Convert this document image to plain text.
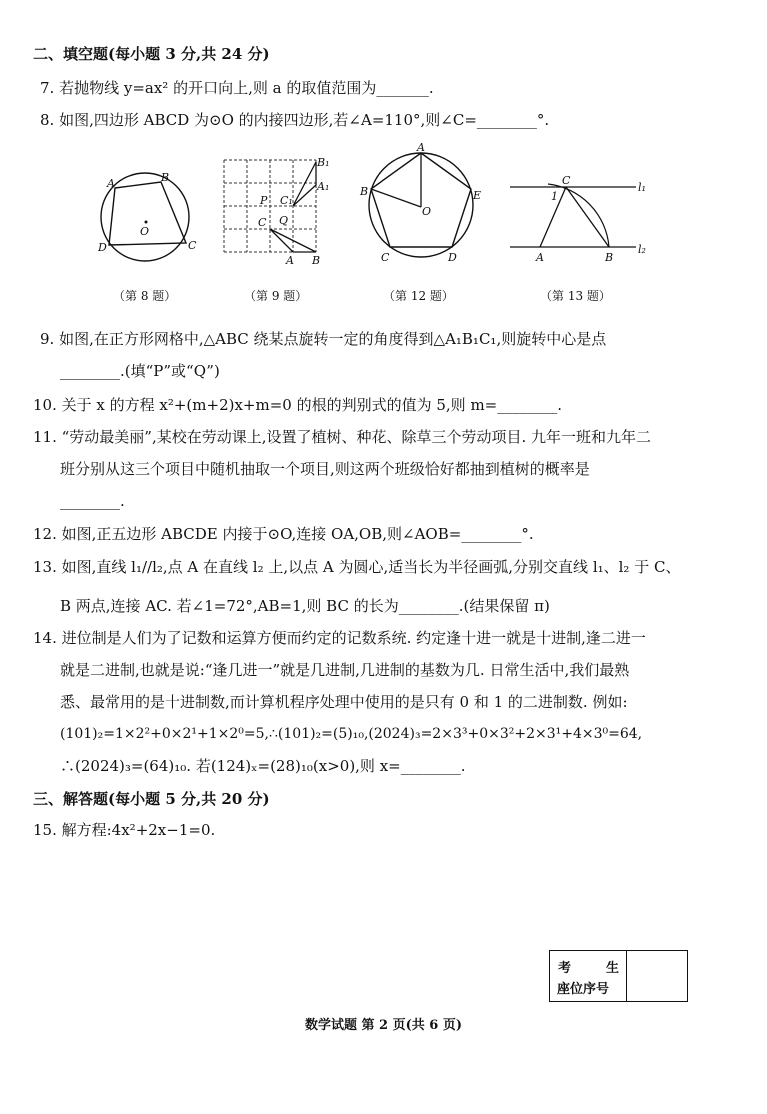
二、填空题(每小题 3 分,共 24 分)
7. 若抛物线 y=ax² 的开口向上,则 a 的取值范围为_______.
8. 如图,四边形 ABCD 为⊙O 的内接四边形,若∠A=110°,则∠C=________°.
A	B
C
D
O
（第 8 题）
B₁
A₁
P C₁
C Q
A B
（第 9 题）
A
B	E
O
C	D
（第 12 题）
C
1
l₁
A	B
l₂
（第 13 题）
9. 如图,在正方形网格中,△ABC 绕某点旋转一定的角度得到△A₁B₁C₁,则旋转中心是点
________.(填“P”或“Q”)
10. 关于 x 的方程 x²+(m+2)x+m=0 的根的判别式的值为 5,则 m=________.
11. “劳动最美丽”,某校在劳动课上,设置了植树、种花、除草三个劳动项目. 九年一班和九年二
班分别从这三个项目中随机抽取一个项目,则这两个班级恰好都抽到植树的概率是
________.
12. 如图,正五边形 ABCDE 内接于⊙O,连接 OA,OB,则∠AOB=________°.
13. 如图,直线 l₁//l₂,点 A 在直线 l₂ 上,以点 A 为圆心,适当长为半径画弧,分别交直线 l₁、l₂ 于 C、
B 两点,连接 AC. 若∠1=72°,AB=1,则 BC 的长为________.(结果保留 π)
14. 进位制是人们为了记数和运算方便而约定的记数系统. 约定逢十进一就是十进制,逢二进一
就是二进制,也就是说:“逢几进一”就是几进制,几进制的基数为几. 日常生活中,我们最熟
悉、最常用的是十进制数,而计算机程序处理中使用的是只有 0 和 1 的二进制数. 例如:
(101)₂=1×2²+0×2¹+1×2⁰=5,∴(101)₂=(5)₁₀,(2024)₃=2×3³+0×3²+2×3¹+4×3⁰=64,
∴(2024)₃=(64)₁₀. 若(124)ₓ=(28)₁₀(x>0),则 x=________.
三、解答题(每小题 5 分,共 20 分)
15. 解方程:4x²+2x−1=0.
考	生
座位序号
数学试题 第 2 页(共 6 页)
